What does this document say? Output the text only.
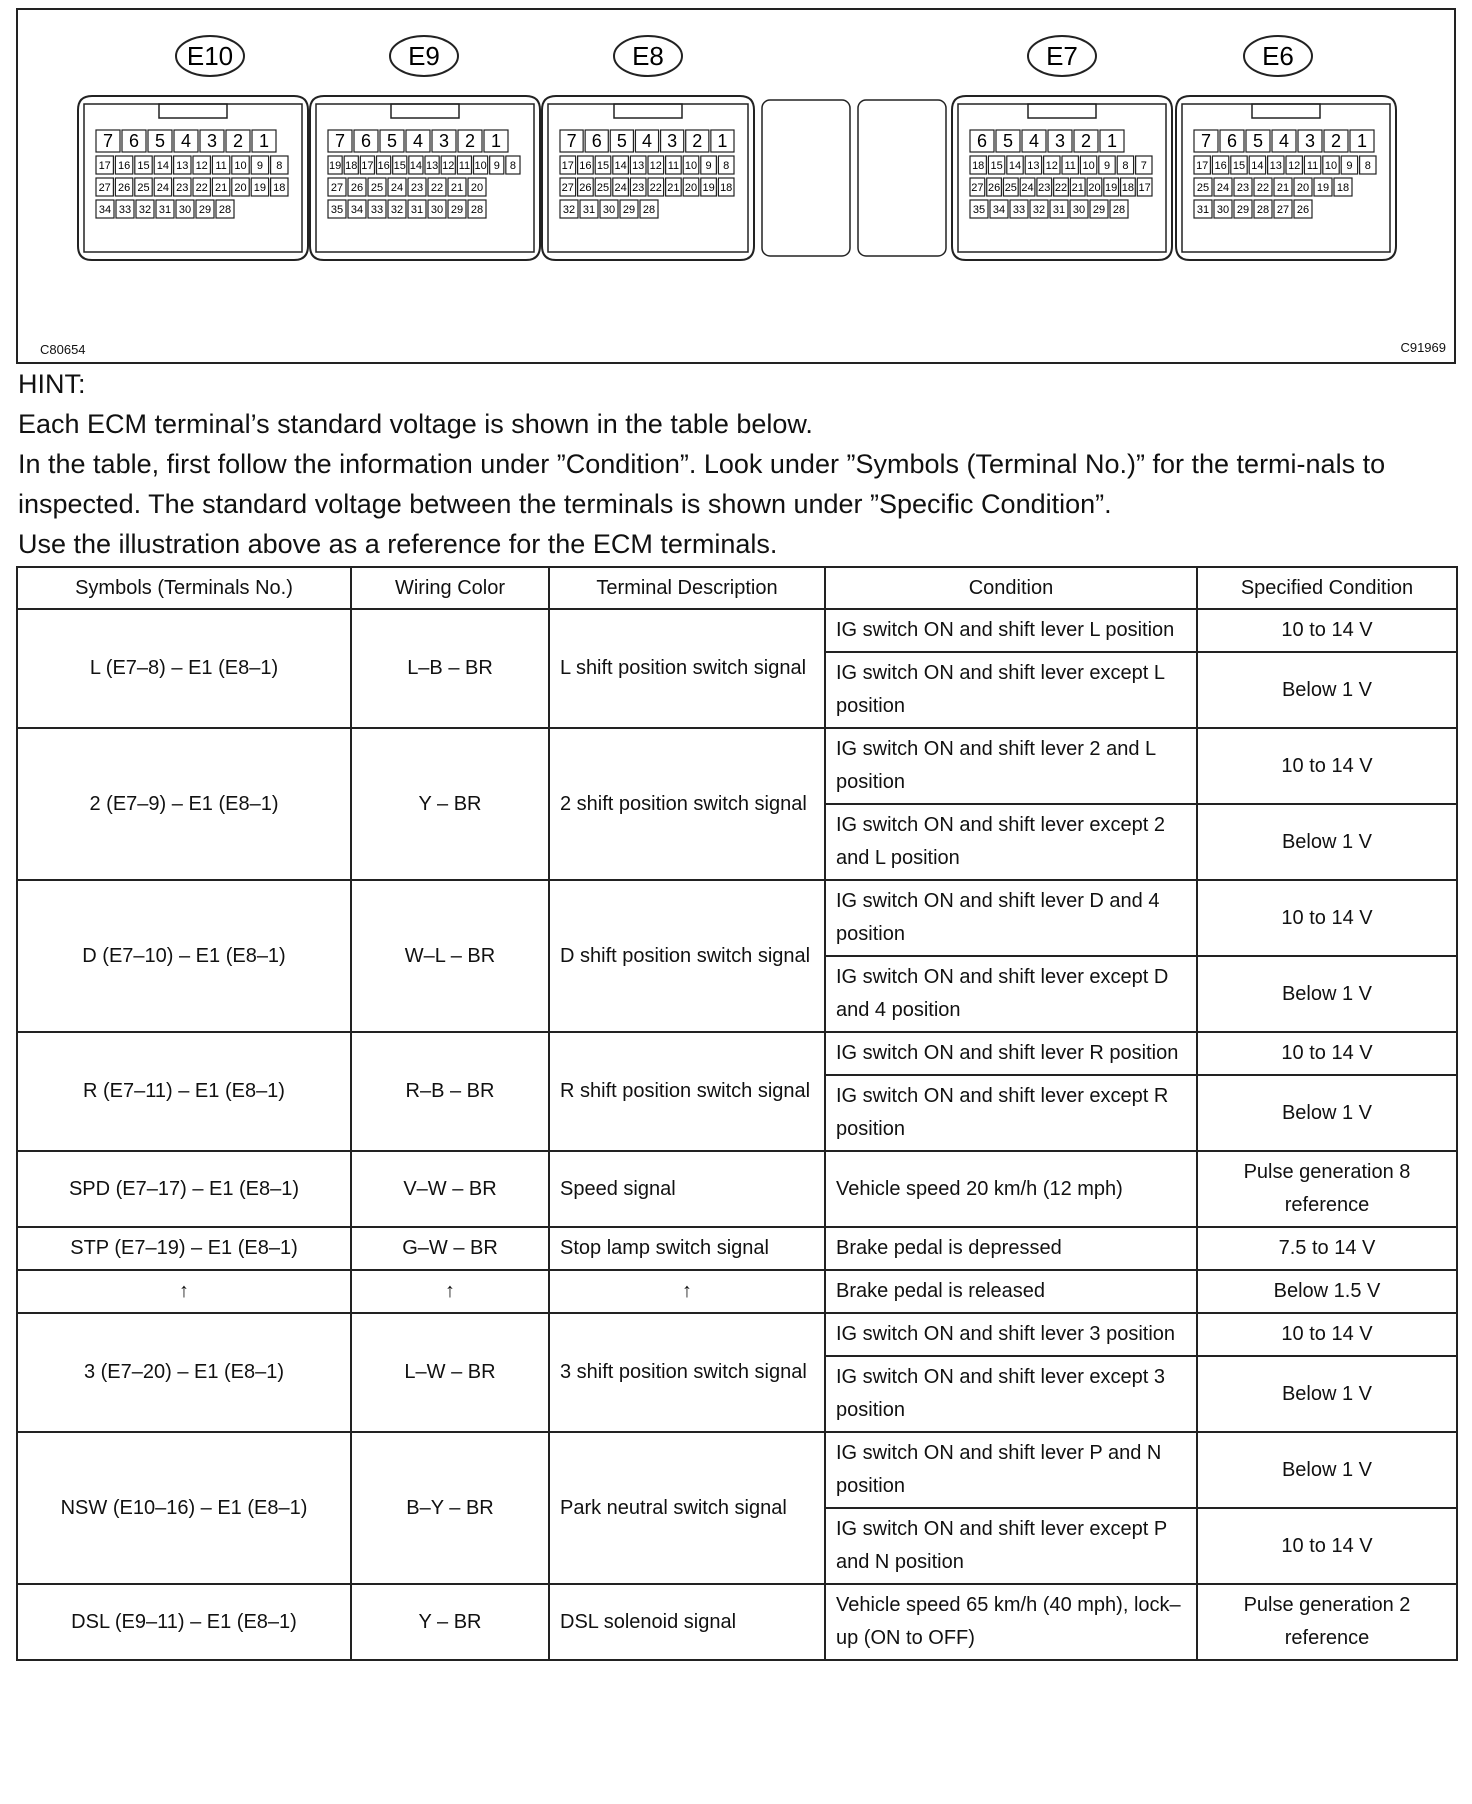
E10
7 6 5 4 3 2 1
17 16 15 14 13 12 11 10 9 8
27 26 25 24 23 22 21 20 19 18
34 33 32 31 30 29 28
E9
7 6 5 4 3 2 1
19 18 17 16 15 14 13 12 11 10 9 8
27 26 25 24 23 22 21 20
35 34 33 32 31 30 29 28
E8
7 6 5 4 3 2 1
17 16 15 14 13 12 11 10 9 8
27 26 25 24 23 22 21 20 19 18
32 31 30 29 28
E7
6 5 4 3 2 1
18 15 14 13 12 11 10 9 8 7
27 26 25 24 23 22 21 20 19 18 17
35 34 33 32 31 30 29 28
E6
7 6 5 4 3 2 1
17 16 15 14 13 12 11 10 9 8
25 24 23 22 21 20 19 18
31 30 29 28 27 26
C80654	C91969

HINT:

Each ECM terminal’s standard voltage is shown in the table below.

In the table, first follow the information under ”Condition”. Look under ”Symbols (Terminal No.)” for the termi-nals to inspected. The standard voltage between the terminals is shown under ”Specific Condition”.

Use the illustration above as a reference for the ECM terminals.

Symbols (Terminals No.)	Wiring Color	Terminal Description	Condition	Specified Condition
L (E7–8) – E1 (E8–1)	L–B – BR	L shift position switch signal	IG switch ON and shift lever L position	10 to 14 V
			IG switch ON and shift lever except L position	Below 1 V
2 (E7–9) – E1 (E8–1)	Y – BR	2 shift position switch signal	IG switch ON and shift lever 2 and L position	10 to 14 V
			IG switch ON and shift lever except 2 and L position	Below 1 V
D (E7–10) – E1 (E8–1)	W–L – BR	D shift position switch signal	IG switch ON and shift lever D and 4 position	10 to 14 V
			IG switch ON and shift lever except D and 4 position	Below 1 V
R (E7–11) – E1 (E8–1)	R–B – BR	R shift position switch signal	IG switch ON and shift lever R position	10 to 14 V
			IG switch ON and shift lever except R position	Below 1 V
SPD (E7–17) – E1 (E8–1)	V–W – BR	Speed signal	Vehicle speed 20 km/h (12 mph)	Pulse generation 8 reference
STP (E7–19) – E1 (E8–1)	G–W – BR	Stop lamp switch signal	Brake pedal is depressed	7.5 to 14 V
↑	↑	↑	Brake pedal is released	Below 1.5 V
3 (E7–20) – E1 (E8–1)	L–W – BR	3 shift position switch signal	IG switch ON and shift lever 3 position	10 to 14 V
			IG switch ON and shift lever except 3 position	Below 1 V
NSW (E10–16) – E1 (E8–1)	B–Y – BR	Park neutral switch signal	IG switch ON and shift lever P and N position	Below 1 V
			IG switch ON and shift lever except P and N position	10 to 14 V
DSL (E9–11) – E1 (E8–1)	Y – BR	DSL solenoid signal	Vehicle speed 65 km/h (40 mph), lock–up (ON to OFF)	Pulse generation 2 reference
